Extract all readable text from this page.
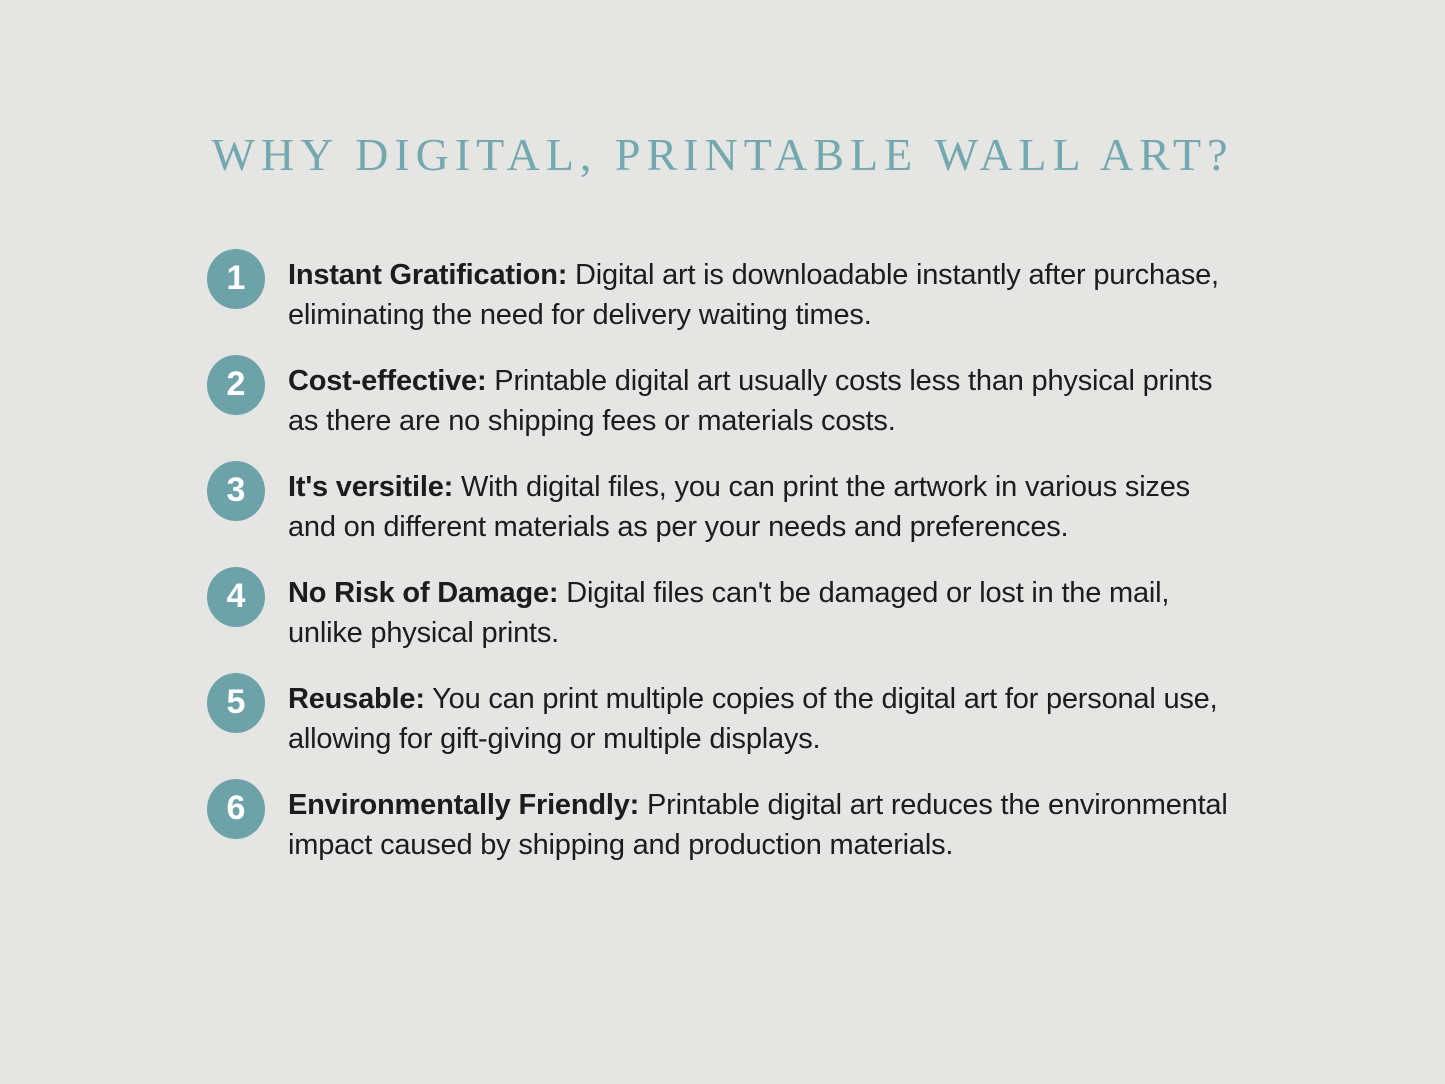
WHY DIGITAL, PRINTABLE WALL ART?
1 Instant Gratification: Digital art is downloadable instantly after purchase, eliminating the need for delivery waiting times.

2 Cost-effective: Printable digital art usually costs less than physical prints as there are no shipping fees or materials costs.

3 It's versitile: With digital files, you can print the artwork in various sizes and on different materials as per your needs and preferences.

4 No Risk of Damage: Digital files can't be damaged or lost in the mail, unlike physical prints.

5 Reusable: You can print multiple copies of the digital art for personal use, allowing for gift-giving or multiple displays.

6 Environmentally Friendly: Printable digital art reduces the environmental impact caused by shipping and production materials.
